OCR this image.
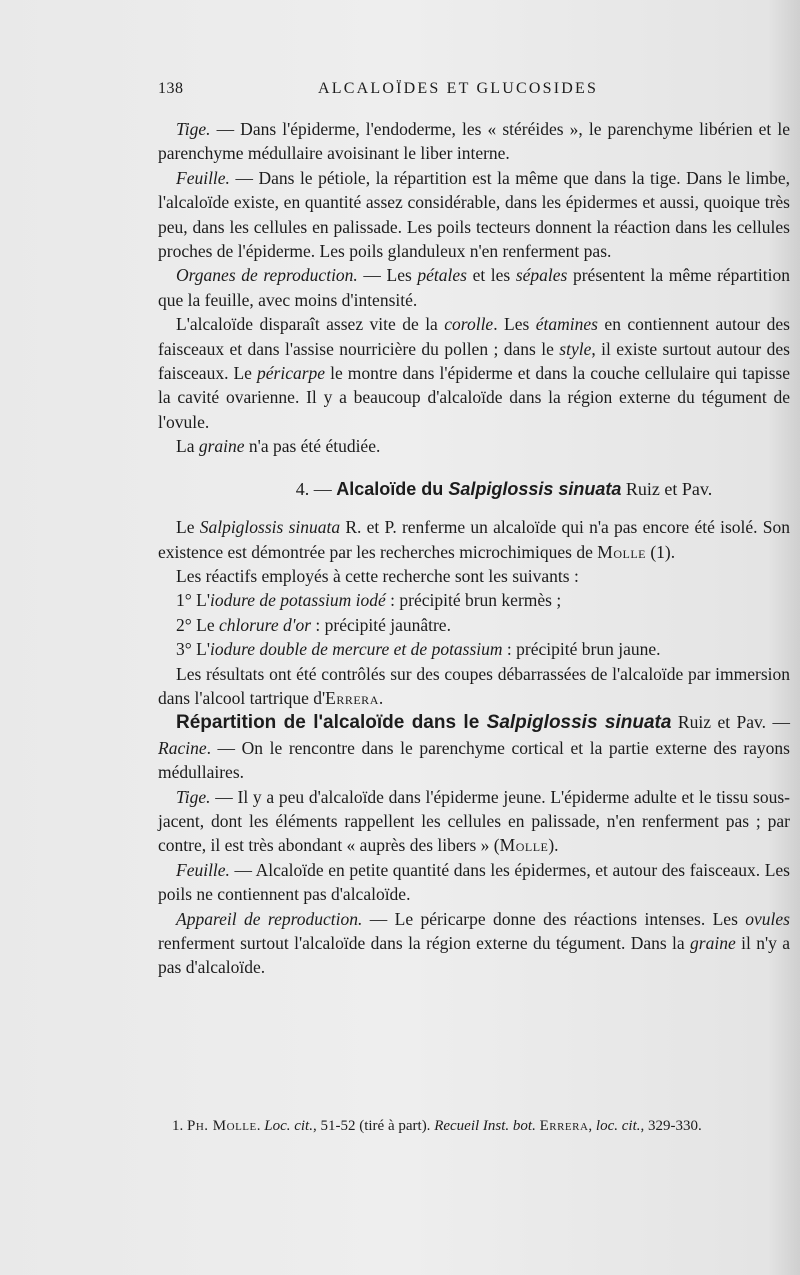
138	ALCALOÏDES ET GLUCOSIDES

Tige. — Dans l'épiderme, l'endoderme, les « stéréides », le parenchyme libérien et le parenchyme médullaire avoisinant le liber interne.

Feuille. — Dans le pétiole, la répartition est la même que dans la tige. Dans le limbe, l'alcaloïde existe, en quantité assez considérable, dans les épidermes et aussi, quoique très peu, dans les cellules en palissade. Les poils tecteurs donnent la réaction dans les cellules proches de l'épiderme. Les poils glanduleux n'en renferment pas.

Organes de reproduction. — Les pétales et les sépales présentent la même répartition que la feuille, avec moins d'intensité.

L'alcaloïde disparaît assez vite de la corolle. Les étamines en contiennent autour des faisceaux et dans l'assise nourricière du pollen ; dans le style, il existe surtout autour des faisceaux. Le péricarpe le montre dans l'épiderme et dans la couche cellulaire qui tapisse la cavité ovarienne. Il y a beaucoup d'alcaloïde dans la région externe du tégument de l'ovule.

La graine n'a pas été étudiée.

4. — Alcaloïde du Salpiglossis sinuata Ruiz et Pav.

Le Salpiglossis sinuata R. et P. renferme un alcaloïde qui n'a pas encore été isolé. Son existence est démontrée par les recherches microchimiques de Molle (1).

Les réactifs employés à cette recherche sont les suivants :

1° L'iodure de potassium iodé : précipité brun kermès ;

2° Le chlorure d'or : précipité jaunâtre.

3° L'iodure double de mercure et de potassium : précipité brun jaune.

Les résultats ont été contrôlés sur des coupes débarrassées de l'alcaloïde par immersion dans l'alcool tartrique d'Errera.

Répartition de l'alcaloïde dans le Salpiglossis sinuata Ruiz et Pav. — Racine. — On le rencontre dans le parenchyme cortical et la partie externe des rayons médullaires.

Tige. — Il y a peu d'alcaloïde dans l'épiderme jeune. L'épiderme adulte et le tissu sous-jacent, dont les éléments rappellent les cellules en palissade, n'en renferment pas ; par contre, il est très abondant « auprès des libers » (Molle).

Feuille. — Alcaloïde en petite quantité dans les épidermes, et autour des faisceaux. Les poils ne contiennent pas d'alcaloïde.

Appareil de reproduction. — Le péricarpe donne des réactions intenses. Les ovules renferment surtout l'alcaloïde dans la région externe du tégument. Dans la graine il n'y a pas d'alcaloïde.

1. Ph. Molle. Loc. cit., 51-52 (tiré à part). Recueil Inst. bot. Errera, loc. cit., 329-330.
